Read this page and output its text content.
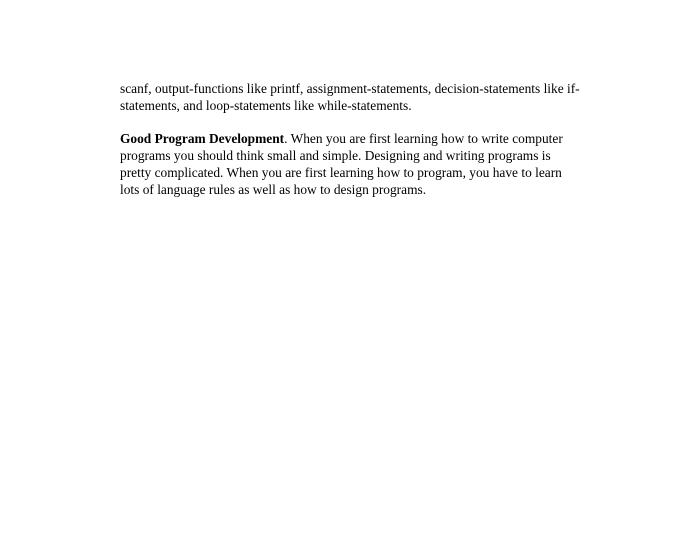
scanf, output-functions like printf, assignment-statements, decision-statements like if-
statements, and loop-statements like while-statements.
Good Program Development. When you are first learning how to write computer
programs you should think small and simple. Designing and writing programs is
pretty complicated. When you are first learning how to program, you have to learn
lots of language rules as well as how to design programs.
